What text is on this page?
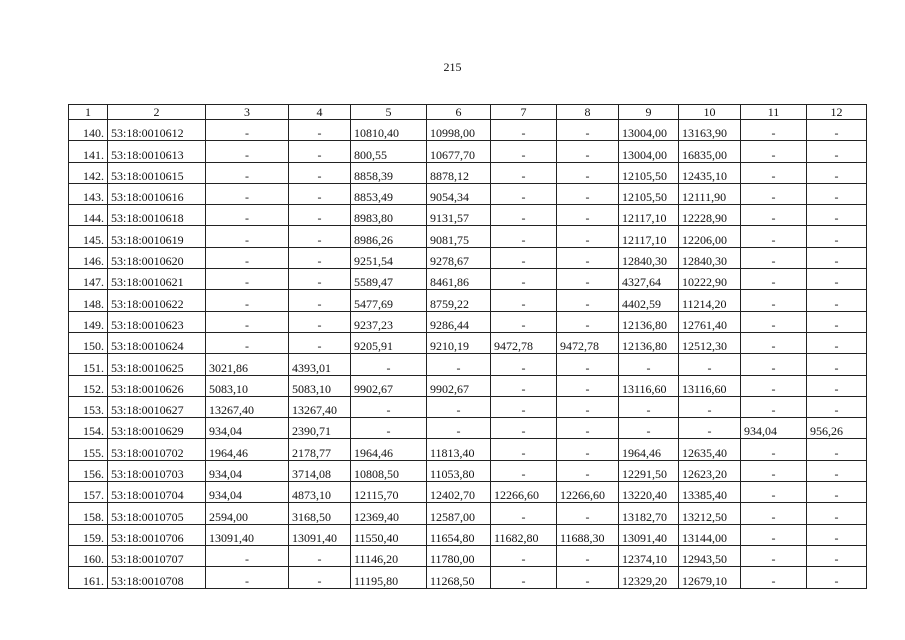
215
1	2	3	4	5	6	7	8	9	10	11	12
140.	53:18:0010612	-	-	10810,40	10998,00	-	-	13004,00	13163,90	-	-
141.	53:18:0010613	-	-	800,55	10677,70	-	-	13004,00	16835,00	-	-
142.	53:18:0010615	-	-	8858,39	8878,12	-	-	12105,50	12435,10	-	-
143.	53:18:0010616	-	-	8853,49	9054,34	-	-	12105,50	12111,90	-	-
144.	53:18:0010618	-	-	8983,80	9131,57	-	-	12117,10	12228,90	-	-
145.	53:18:0010619	-	-	8986,26	9081,75	-	-	12117,10	12206,00	-	-
146.	53:18:0010620	-	-	9251,54	9278,67	-	-	12840,30	12840,30	-	-
147.	53:18:0010621	-	-	5589,47	8461,86	-	-	4327,64	10222,90	-	-
148.	53:18:0010622	-	-	5477,69	8759,22	-	-	4402,59	11214,20	-	-
149.	53:18:0010623	-	-	9237,23	9286,44	-	-	12136,80	12761,40	-	-
150.	53:18:0010624	-	-	9205,91	9210,19	9472,78	9472,78	12136,80	12512,30	-	-
151.	53:18:0010625	3021,86	4393,01	-	-	-	-	-	-	-	-
152.	53:18:0010626	5083,10	5083,10	9902,67	9902,67	-	-	13116,60	13116,60	-	-
153.	53:18:0010627	13267,40	13267,40	-	-	-	-	-	-	-	-
154.	53:18:0010629	934,04	2390,71	-	-	-	-	-	-	934,04	956,26
155.	53:18:0010702	1964,46	2178,77	1964,46	11813,40	-	-	1964,46	12635,40	-	-
156.	53:18:0010703	934,04	3714,08	10808,50	11053,80	-	-	12291,50	12623,20	-	-
157.	53:18:0010704	934,04	4873,10	12115,70	12402,70	12266,60	12266,60	13220,40	13385,40	-	-
158.	53:18:0010705	2594,00	3168,50	12369,40	12587,00	-	-	13182,70	13212,50	-	-
159.	53:18:0010706	13091,40	13091,40	11550,40	11654,80	11682,80	11688,30	13091,40	13144,00	-	-
160.	53:18:0010707	-	-	11146,20	11780,00	-	-	12374,10	12943,50	-	-
161.	53:18:0010708	-	-	11195,80	11268,50	-	-	12329,20	12679,10	-	-
